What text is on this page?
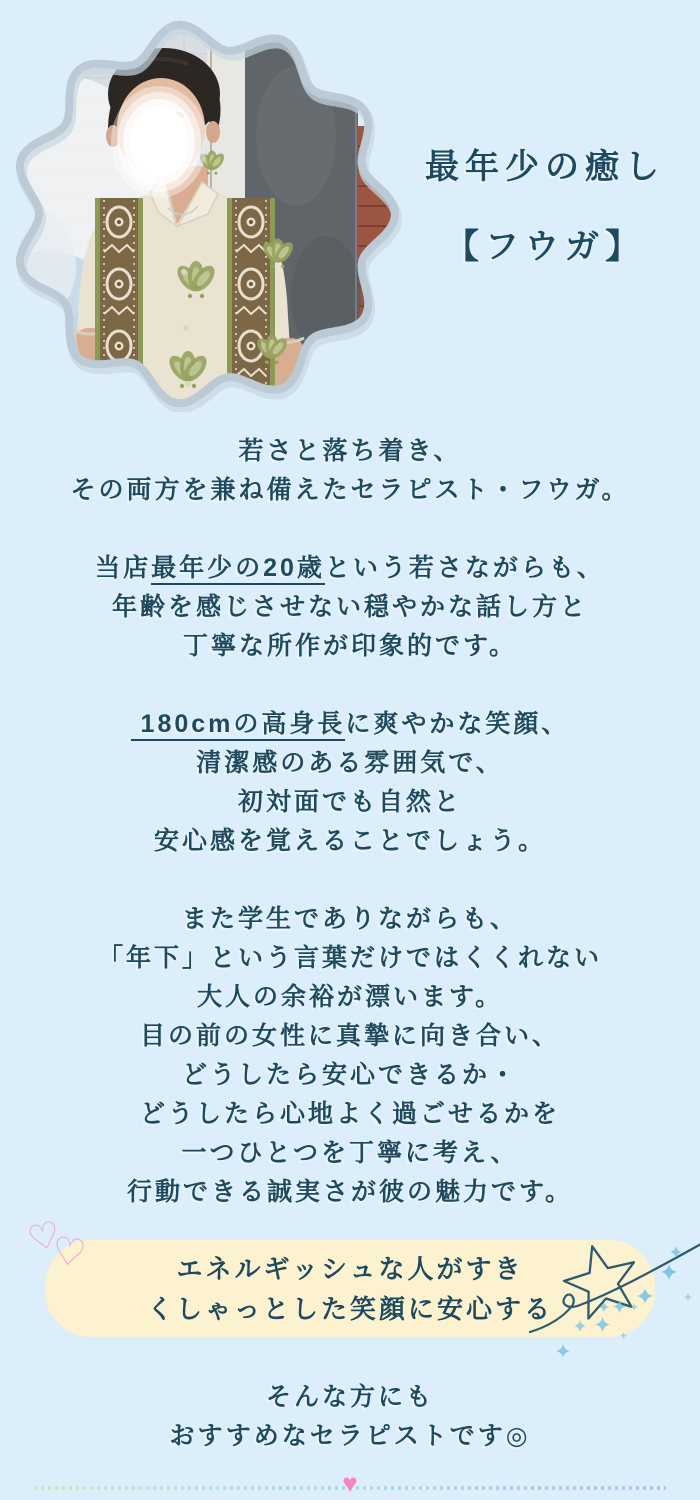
最年少の癒し
【フウガ】
若さと落ち着き、
その両方を兼ね備えたセラピスト・フウガ。
当店最年少の20歳という若さながらも、
年齢を感じさせない穏やかな話し方と
丁寧な所作が印象的です。
180cmの高身長に爽やかな笑顔、
清潔感のある雰囲気で、
初対面でも自然と
安心感を覚えることでしょう。
また学生でありながらも、
「年下」という言葉だけではくくれない
大人の余裕が漂います。
目の前の女性に真摯に向き合い、
どうしたら安心できるか・
どうしたら心地よく過ごせるかを
一つひとつを丁寧に考え、
行動できる誠実さが彼の魅力です。
エネルギッシュな人がすき
くしゃっとした笑顔に安心する
そんな方にも
おすすめなセラピストです◎
♡
♡
♥
